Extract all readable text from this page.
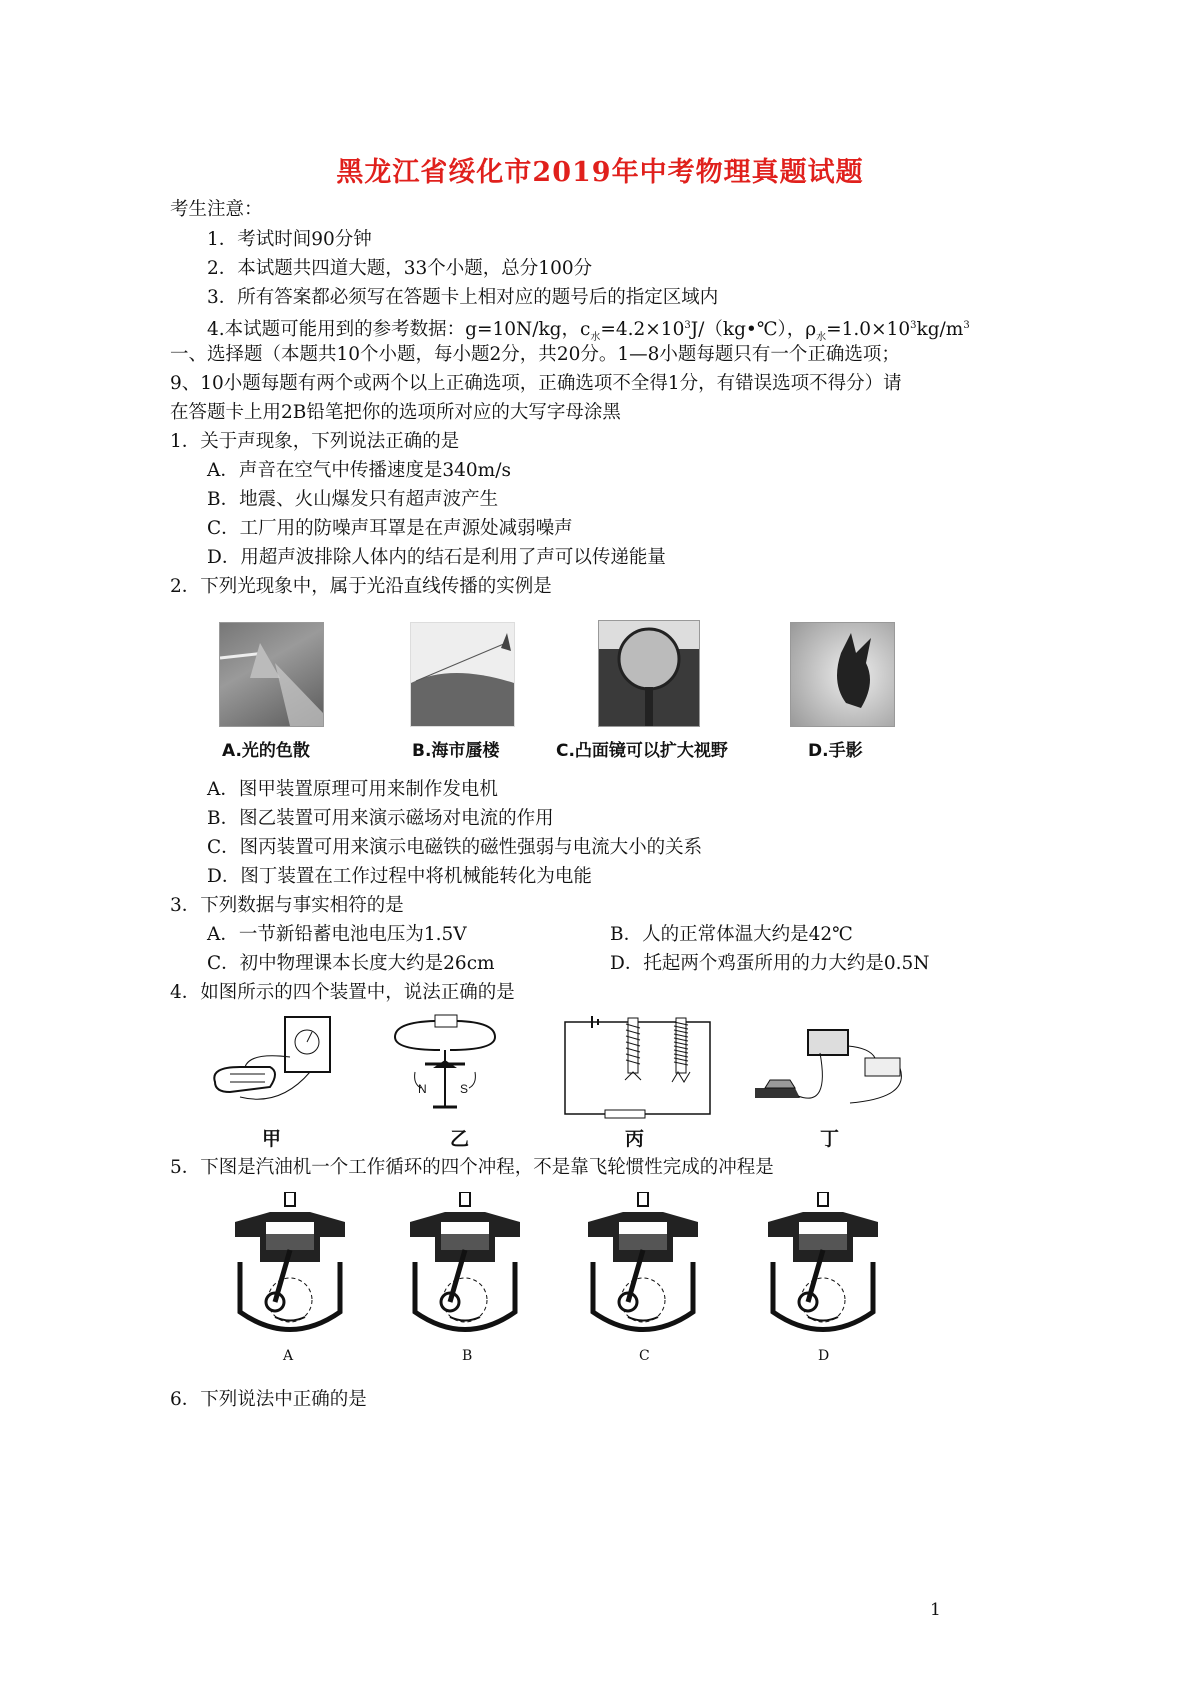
黑龙江省绥化市2019年中考物理真题试题
考生注意：
1．考试时间90分钟
2．本试题共四道大题，33个小题，总分100分
3．所有答案都必须写在答题卡上相对应的题号后的指定区域内
4.本试题可能用到的参考数据：g=10N/kg，$c_水=4.2\times 10^3J/(kg•℃)$，$\rho_水=1.0\times 10^3kg/m^3$
一、选择题（本题共10个小题，每小题2分，共20分。1—8小题每题只有一个正确选项；
9、10小题每题有两个或两个以上正确选项，正确选项不全得1分，有错误选项不得分）请
在答题卡上用2B铅笔把你的选项所对应的大写字母涂黑
1．关于声现象，下列说法正确的是
A．声音在空气中传播速度是340m/s
B．地震、火山爆发只有超声波产生
C．工厂用的防噪声耳罩是在声源处减弱噪声
D．用超声波排除人体内的结石是利用了声可以传递能量
2．下列光现象中，属于光沿直线传播的实例是
A.光的色散	B.海市蜃楼	C.凸面镜可以扩大视野	D.手影
A．图甲装置原理可用来制作发电机
B．图乙装置可用来演示磁场对电流的作用
C．图丙装置可用来演示电磁铁的磁性强弱与电流大小的关系
D．图丁装置在工作过程中将机械能转化为电能
3．下列数据与事实相符的是
A．一节新铅蓄电池电压为1.5V	B．人的正常体温大约是42℃
C．初中物理课本长度大约是26cm	D．托起两个鸡蛋所用的力大约是0.5N
4．如图所示的四个装置中，说法正确的是
N	S
甲	乙	丙	丁
5．下图是汽油机一个工作循环的四个冲程，不是靠飞轮惯性完成的冲程是
A	B	C	D
6．下列说法中正确的是
1
